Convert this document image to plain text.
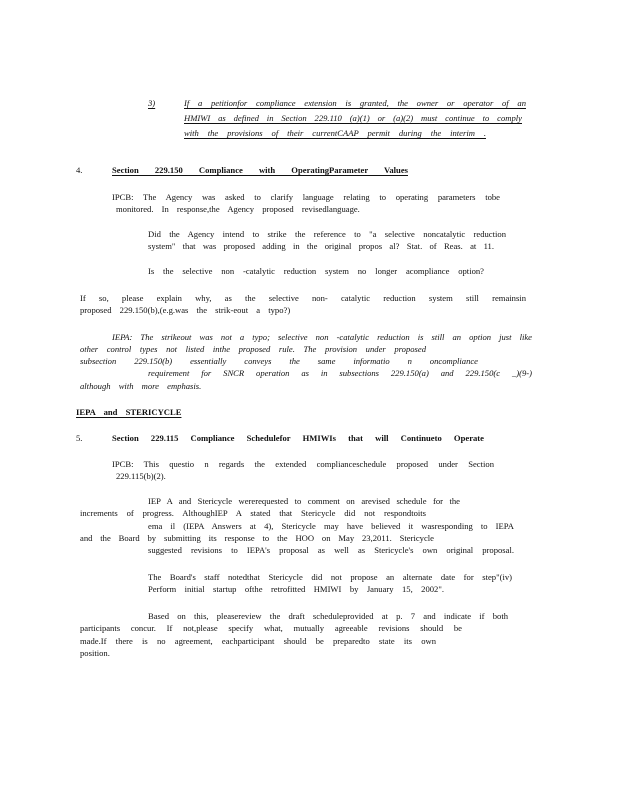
3)	If a petitionfor compliance extension is granted, the owner or operator of an
HMIWI as defined in Section 229.110 (a)(1) or (a)(2) must continue to comply
with the provisions of their currentCAAP permit during the interim .
4.	Section 229.150 Compliance with OperatingParameter Values
IPCB: The Agency was asked to clarify language relating to operating parameters tobe
monitored. In response,the Agency proposed revisedlanguage.
Did the Agency intend to strike the reference to "a selective noncatalytic reduction
system" that was proposed adding in the original propos al? Stat. of Reas. at 11.
Is the selective non -catalytic reduction system no longer acompliance option?
If so, please explain why, as the selective non- catalytic reduction system still remainsin
proposed 229.150(b),(e.g.was the strik-eout a typo?)
IEPA: The strikeout was not a typo; selective non -catalytic reduction is still an option just like
other control types not listed inthe proposed rule. The provision under proposed
subsection 229.150(b) essentially conveys the same informatio n oncompliance
requirement for SNCR operation as in subsections 229.150(a) and 229.150(c _)(9-)
although with more emphasis.
IEPA and STERICYCLE
5.	Section 229.115 Compliance Schedulefor HMIWIs that will Continueto Operate
IPCB: This questio n regards the extended complianceschedule proposed under Section
229.115(b)(2).
IEP A and Stericycle wererequested to comment on arevised schedule for the
increments of progress. AlthoughIEP A stated that Stericycle did not respondtoits
ema il (IEPA Answers at 4), Stericycle may have believed it wasresponding to IEPA
and the Board by submitting its response to the HOO on May 23,2011. Stericycle
suggested revisions to IEPA's proposal as well as Stericycle's own original proposal.
The Board's staff notedthat Stericycle did not propose an alternate date for step"(iv)
Perform initial startup ofthe retrofitted HMIWI by January 15, 2002".
Based on this, pleasereview the draft scheduleprovided at p. 7 and indicate if both
participants concur. If not,please specify what, mutually agreeable revisions should be
made.If there is no agreement, eachparticipant should be preparedto state its own
position.
